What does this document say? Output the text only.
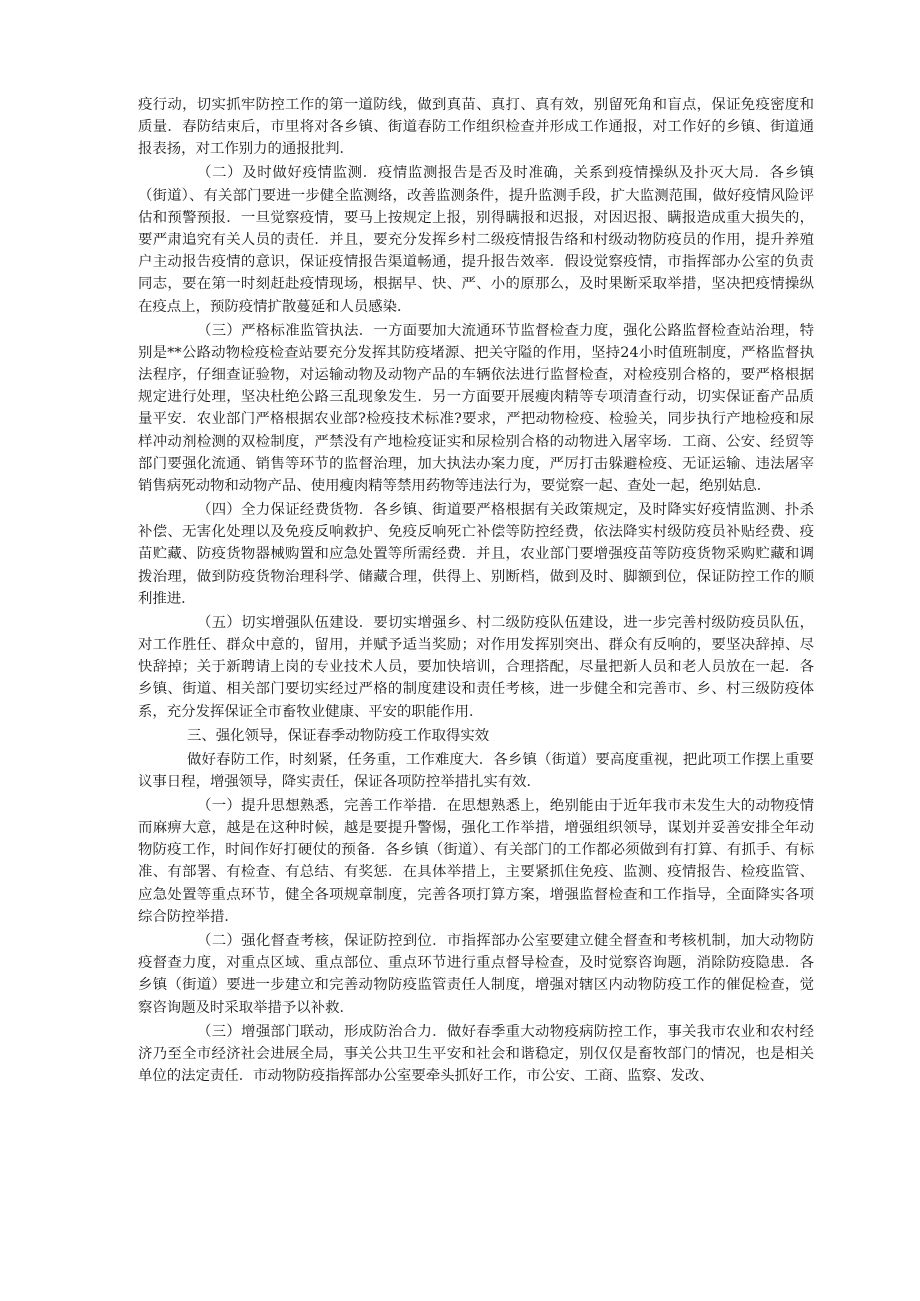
疫行动，切实抓牢防控工作的第一道防线，做到真苗、真打、真有效，别留死角和盲点，保证免疫密度和质量．春防结束后，市里将对各乡镇、街道春防工作组织检查并形成工作通报，对工作好的乡镇、街道通报表扬，对工作别力的通报批判．

（二）及时做好疫情监测．疫情监测报告是否及时准确，关系到疫情操纵及扑灭大局．各乡镇（街道）、有关部门要进一步健全监测络，改善监测条件，提升监测手段，扩大监测范围，做好疫情风险评估和预警预报．一旦觉察疫情，要马上按规定上报，别得瞒报和迟报，对因迟报、瞒报造成重大损失的，要严肃追究有关人员的责任．并且，要充分发挥乡村二级疫情报告络和村级动物防疫员的作用，提升养殖户主动报告疫情的意识，保证疫情报告渠道畅通，提升报告效率．假设觉察疫情，市指挥部办公室的负责同志，要在第一时刻赶赴疫情现场，根据早、快、严、小的原那么，及时果断采取举措，坚决把疫情操纵在疫点上，预防疫情扩散蔓延和人员感染．

（三）严格标准监管执法．一方面要加大流通环节监督检查力度，强化公路监督检查站治理，特别是**公路动物检疫检查站要充分发挥其防疫堵源、把关守隘的作用，坚持24小时值班制度，严格监督执法程序，仔细查证验物，对运输动物及动物产品的车辆依法进行监督检查，对检疫别合格的，要严格根据规定进行处理，坚决杜绝公路三乱现象发生．另一方面要开展瘦肉精等专项清查行动，切实保证畜产品质量平安．农业部门严格根据农业部?检疫技术标准?要求，严把动物检疫、检验关，同步执行产地检疫和尿样冲动剂检测的双检制度，严禁没有产地检疫证实和尿检别合格的动物进入屠宰场．工商、公安、经贸等部门要强化流通、销售等环节的监督治理，加大执法办案力度，严厉打击躲避检疫、无证运输、违法屠宰销售病死动物和动物产品、使用瘦肉精等禁用药物等违法行为，要觉察一起、查处一起，绝别姑息．

（四）全力保证经费货物．各乡镇、街道要严格根据有关政策规定，及时降实好疫情监测、扑杀补偿、无害化处理以及免疫反响救护、免疫反响死亡补偿等防控经费，依法降实村级防疫员补贴经费、疫苗贮藏、防疫货物器械购置和应急处置等所需经费．并且，农业部门要增强疫苗等防疫货物采购贮藏和调拨治理，做到防疫货物治理科学、储藏合理，供得上、别断档，做到及时、脚额到位，保证防控工作的顺利推进．

（五）切实增强队伍建设．要切实增强乡、村二级防疫队伍建设，进一步完善村级防疫员队伍，对工作胜任、群众中意的，留用，并赋予适当奖励；对作用发挥别突出、群众有反响的，要坚决辞掉、尽快辞掉；关于新聘请上岗的专业技术人员，要加快培训，合理搭配，尽量把新人员和老人员放在一起．各乡镇、街道、相关部门要切实经过严格的制度建设和责任考核，进一步健全和完善市、乡、村三级防疫体系，充分发挥保证全市畜牧业健康、平安的职能作用．

三、强化领导，保证春季动物防疫工作取得实效

做好春防工作，时刻紧，任务重，工作难度大．各乡镇（街道）要高度重视，把此项工作摆上重要议事日程，增强领导，降实责任，保证各项防控举措扎实有效．

（一）提升思想熟悉，完善工作举措．在思想熟悉上，绝别能由于近年我市未发生大的动物疫情而麻痹大意，越是在这种时候，越是要提升警惕，强化工作举措，增强组织领导，谋划并妥善安排全年动物防疫工作，时间作好打硬仗的预备．各乡镇（街道）、有关部门的工作都必须做到有打算、有抓手、有标准、有部署、有检查、有总结、有奖惩．在具体举措上，主要紧抓住免疫、监测、疫情报告、检疫监管、应急处置等重点环节，健全各项规章制度，完善各项打算方案，增强监督检查和工作指导，全面降实各项综合防控举措．

（二）强化督查考核，保证防控到位．市指挥部办公室要建立健全督查和考核机制，加大动物防疫督查力度，对重点区域、重点部位、重点环节进行重点督导检查，及时觉察咨询题，消除防疫隐患．各乡镇（街道）要进一步建立和完善动物防疫监管责任人制度，增强对辖区内动物防疫工作的催促检查，觉察咨询题及时采取举措予以补救．

（三）增强部门联动，形成防治合力．做好春季重大动物疫病防控工作，事关我市农业和农村经济乃至全市经济社会进展全局，事关公共卫生平安和社会和谐稳定，别仅仅是畜牧部门的情况，也是相关单位的法定责任．市动物防疫指挥部办公室要牵头抓好工作，市公安、工商、监察、发改、
